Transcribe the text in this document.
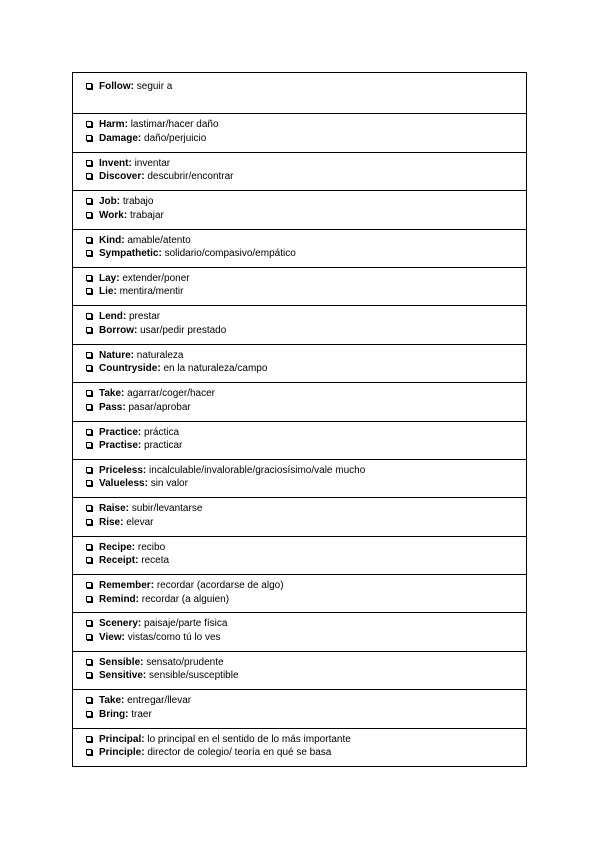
Follow: seguir a
Harm: lastimar/hacer daño
Damage: daño/perjuicio
Invent: inventar
Discover: descubrir/encontrar
Job: trabajo
Work: trabajar
Kind: amable/atento
Sympathetic: solidario/compasivo/empático
Lay: extender/poner
Lie: mentira/mentir
Lend: prestar
Borrow: usar/pedir prestado
Nature: naturaleza
Countryside: en la naturaleza/campo
Take: agarrar/coger/hacer
Pass: pasar/aprobar
Practice: práctica
Practise: practicar
Priceless: incalculable/invalorable/graciosísimo/vale mucho
Valueless: sin valor
Raise: subir/levantarse
Rise: elevar
Recipe: recibo
Receipt: receta
Remember: recordar (acordarse de algo)
Remind: recordar (a alguien)
Scenery: paisaje/parte física
View: vistas/como tú lo ves
Sensible: sensato/prudente
Sensitive: sensible/susceptible
Take: entregar/llevar
Bring: traer
Principal: lo principal en el sentido de lo más importante
Principle: director de colegio/ teoría en qué se basa
